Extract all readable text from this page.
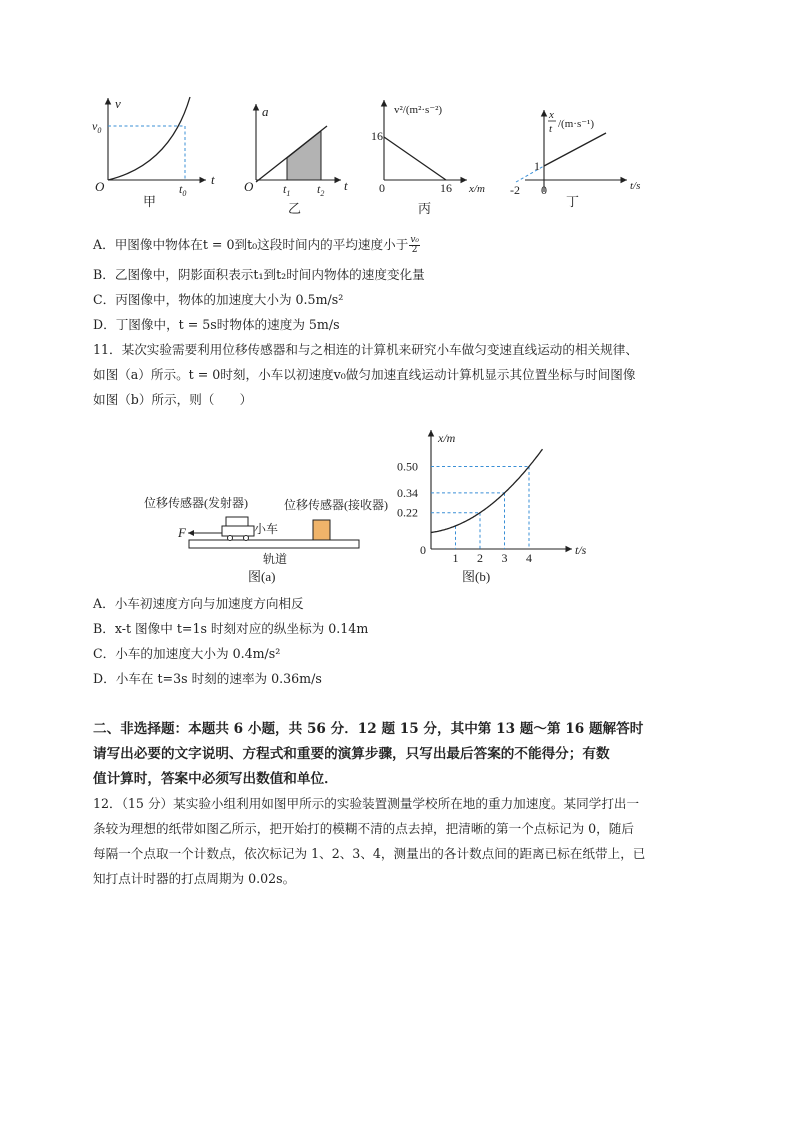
v
t
O
$v_0$
$t_0$
甲
a
t
O $t_1$ $t_2$
乙
v²/(m²·s⁻²)
x/m
16
16
0
丙
x
t /(m·s⁻¹)
t/s
1
-2 0
丁
A．甲图像中物体在t = 0到t₀这段时间内的平均速度小于 $\frac{\text{v₀}}{2}$
B．乙图像中，阴影面积表示t₁到t₂时间内物体的速度变化量
C．丙图像中，物体的加速度大小为 0.5m/s²
D．丁图像中，t = 5s时物体的速度为 5m/s
11．某次实验需要利用位移传感器和与之相连的计算机来研究小车做匀变速直线运动的相关规律、
如图（a）所示。t = 0时刻，小车以初速度v₀做匀加速直线运动计算机显示其位置坐标与时间图像
如图（b）所示，则（　　）
位移传感器(发射器)	位移传感器(接收器)
F	小车
轨道
图(a)
x/m
t/s
0
图(b)
0.22
0.34
0.50
1 2 3 4
A．小车初速度方向与加速度方向相反
B．x-t 图像中 t=1s 时刻对应的纵坐标为 0.14m
C．小车的加速度大小为 0.4m/s²
D．小车在 t=3s 时刻的速率为 0.36m/s
二、非选择题：本题共 6 小题，共 56 分．12 题 15 分，其中第 13 题～第 16 题解答时
请写出必要的文字说明、方程式和重要的演算步骤，只写出最后答案的不能得分；有数
值计算时，答案中必须写出数值和单位．
12．（15 分）某实验小组利用如图甲所示的实验装置测量学校所在地的重力加速度。某同学打出一
条较为理想的纸带如图乙所示，把开始打的模糊不清的点去掉，把清晰的第一个点标记为 0，随后
每隔一个点取一个计数点，依次标记为 1、2、3、4，测量出的各计数点间的距离已标在纸带上，已
知打点计时器的打点周期为 0.02s。
